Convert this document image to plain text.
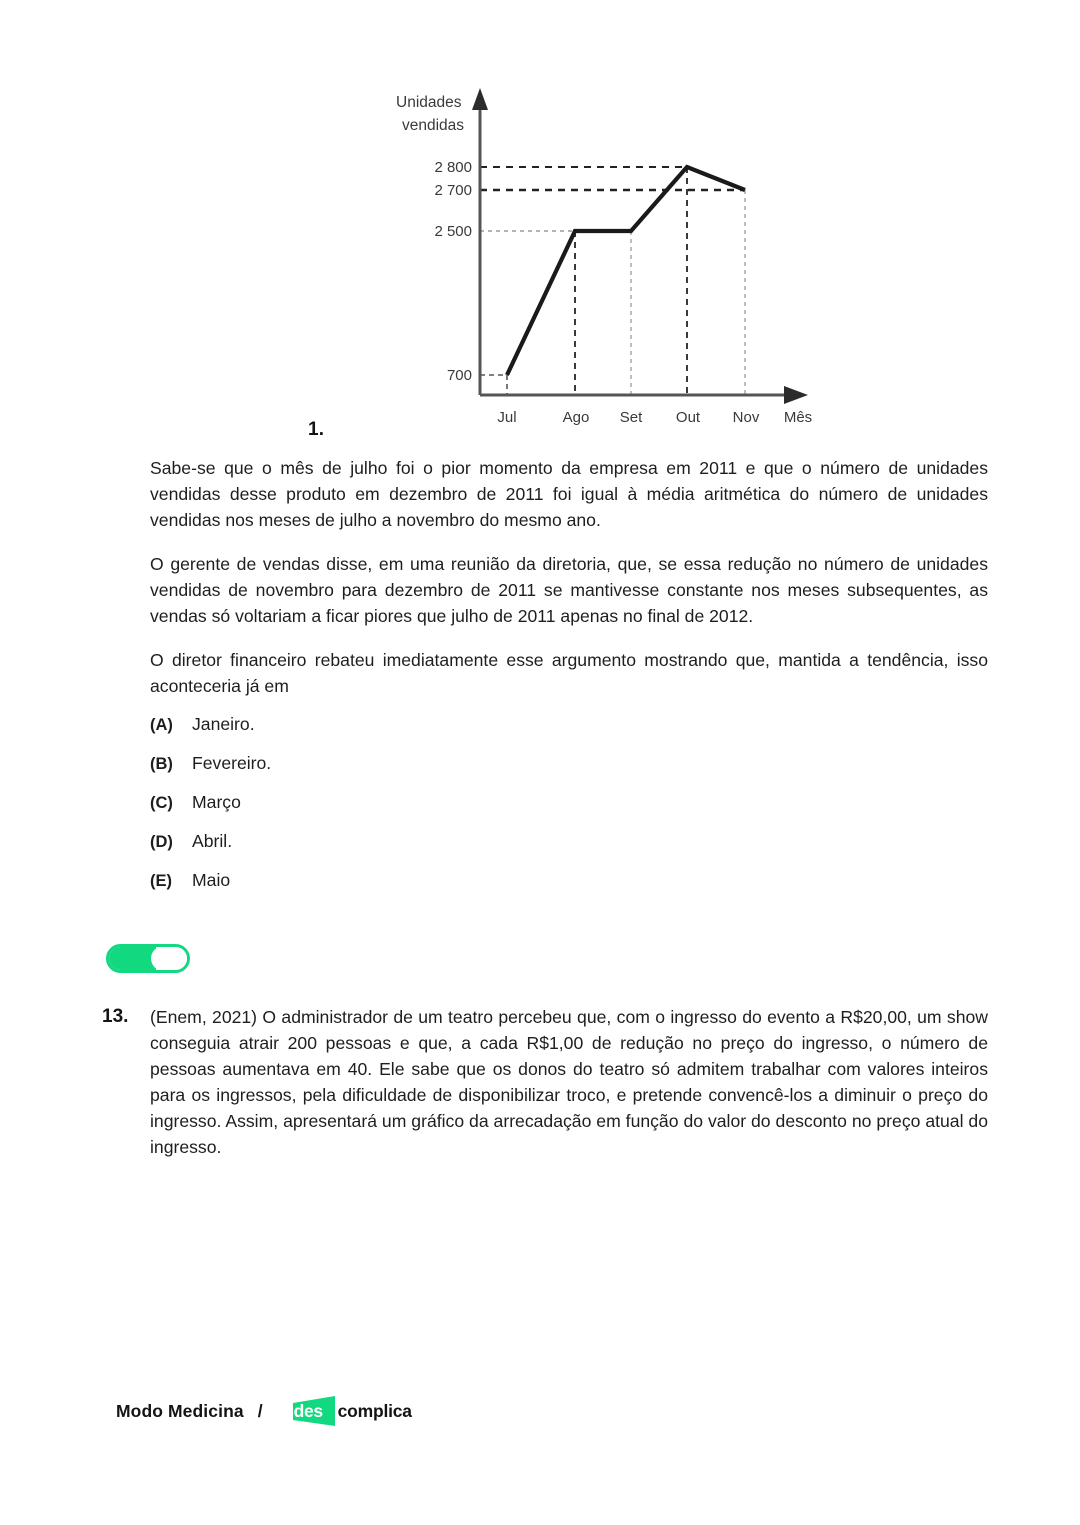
Unidades
vendidas
2 800
2 700
2 500
700
Jul	Ago Set Out Nov Mês
1.

Sabe-se que o mês de julho foi o pior momento da empresa em 2011 e que o número de unidades vendidas desse produto em dezembro de 2011 foi igual à média aritmética do número de unidades vendidas nos meses de julho a novembro do mesmo ano.

O gerente de vendas disse, em uma reunião da diretoria, que, se essa redução no número de unidades vendidas de novembro para dezembro de 2011 se mantivesse constante nos meses subsequentes, as vendas só voltariam a ficar piores que julho de 2011 apenas no final de 2012.

O diretor financeiro rebateu imediatamente esse argumento mostrando que, mantida a tendência, isso aconteceria já em

(A)	Janeiro.
(B)	Fevereiro.
(C)	Março
(D)	Abril.
(E)	Maio
13.	(Enem, 2021) O administrador de um teatro percebeu que, com o ingresso do evento a R$20,00, um show conseguia atrair 200 pessoas e que, a cada R$1,00 de redução no preço do ingresso, o número de pessoas aumentava em 40. Ele sabe que os donos do teatro só admitem trabalhar com valores inteiros para os ingressos, pela dificuldade de disponibilizar troco, e pretende convencê-los a diminuir o preço do ingresso. Assim, apresentará um gráfico da arrecadação em função do valor do desconto no preço atual do ingresso.
Modo Medicina / des complica
